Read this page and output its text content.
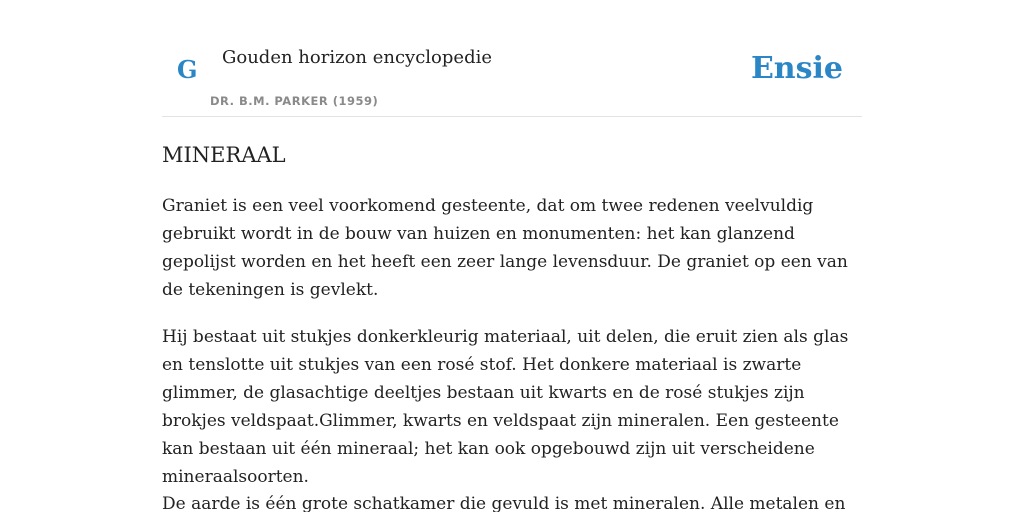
G Gouden horizon encyclopedie
DR. B.M. PARKER (1959)
Ensie
MINERAAL

Graniet is een veel voorkomend gesteente, dat om twee redenen veelvuldig gebruikt wordt in de bouw van huizen en monumenten: het kan glanzend gepolijst worden en het heeft een zeer lange levensduur. De graniet op een van de tekeningen is gevlekt.

Hij bestaat uit stukjes donkerkleurig materiaal, uit delen, die eruit zien als glas en tenslotte uit stukjes van een rosé stof. Het donkere materiaal is zwarte glimmer, de glasachtige deeltjes bestaan uit kwarts en de rosé stukjes zijn brokjes veldspaat.Glimmer, kwarts en veldspaat zijn mineralen. Een gesteente kan bestaan uit één mineraal; het kan ook opgebouwd zijn uit verscheidene mineraalsoorten.

De aarde is één grote schatkamer die gevuld is met mineralen. Alle metalen en
